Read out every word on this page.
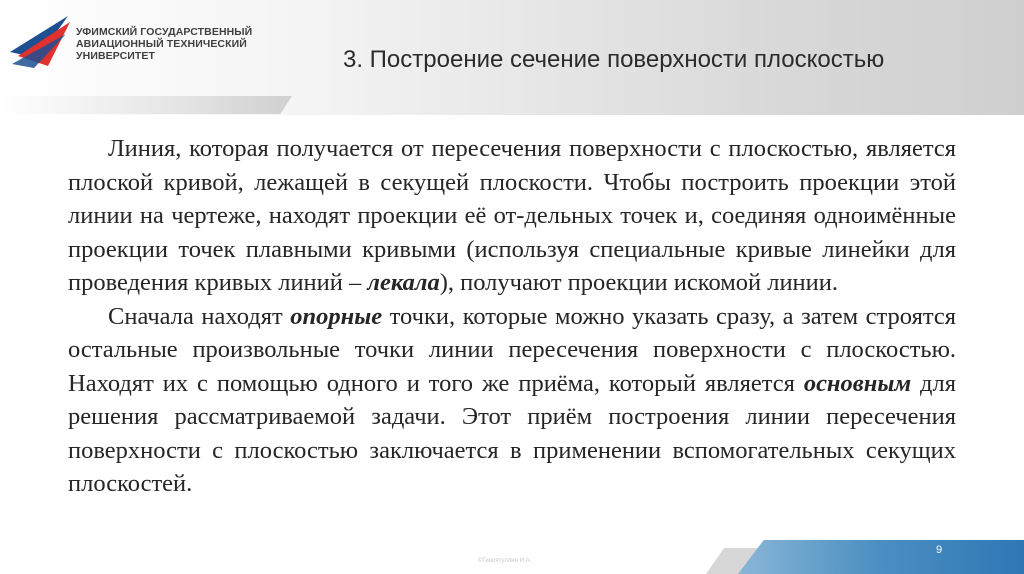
УФИМСКИЙ ГОСУДАРСТВЕННЫЙ
АВИАЦИОННЫЙ ТЕХНИЧЕСКИЙ
УНИВЕРСИТЕТ	3. Построение сечение поверхности плоскостью

Линия, которая получается от пересечения поверхности с плоскостью, является плоской кривой, лежащей в секущей плоскости. Чтобы построить проекции этой линии на чертеже, находят проекции её от-дельных точек и, соединяя одноимённые проекции точек плавными кривыми (используя специальные кривые линейки для проведения кривых линий – лекала), получают проекции искомой линии.

Сначала находят опорные точки, которые можно указать сразу, а затем строятся остальные произвольные точки линии пересечения поверхности с плоскостью. Находят их с помощью одного и того же приёма, который является основным для решения рассматриваемой задачи. Этот приём построения линии пересечения поверхности с плоскостью заключается в применении вспомогательных секущих плоскостей.

©Гиниятуллин И.А.
9
